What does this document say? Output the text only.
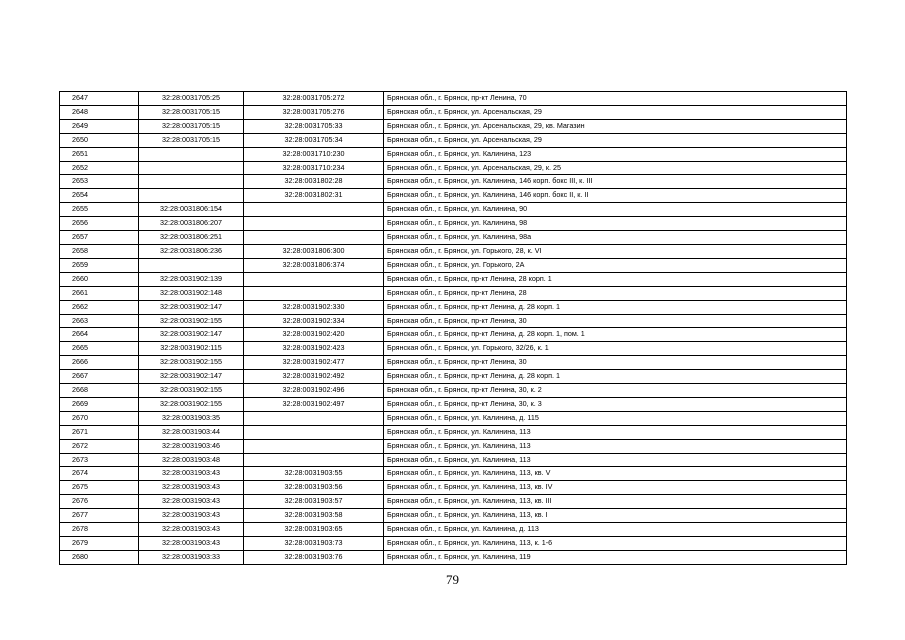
2647	32:28:0031705:25	32:28:0031705:272	Брянская обл., г. Брянск, пр-кт Ленина, 70
2648	32:28:0031705:15	32:28:0031705:276	Брянская обл., г. Брянск, ул. Арсенальская, 29
2649	32:28:0031705:15	32:28:0031705:33	Брянская обл., г. Брянск, ул. Арсенальская, 29, кв. Магазин
2650	32:28:0031705:15	32:28:0031705:34	Брянская обл., г. Брянск, ул. Арсенальская, 29
2651		32:28:0031710:230	Брянская обл., г. Брянск, ул. Калинина, 123
2652		32:28:0031710:234	Брянская обл., г. Брянск, ул. Арсенальская, 29, к. 25
2653		32:28:0031802:28	Брянская обл., г. Брянск, ул. Калинина, 146 корп. бокс III, к. III
2654		32:28:0031802:31	Брянская обл., г. Брянск, ул. Калинина, 146 корп. бокс II, к. II
2655	32:28:0031806:154		Брянская обл., г. Брянск, ул. Калинина, 90
2656	32:28:0031806:207		Брянская обл., г. Брянск, ул. Калинина, 98
2657	32:28:0031806:251		Брянская обл., г. Брянск, ул. Калинина, 98а
2658	32:28:0031806:236	32:28:0031806:300	Брянская обл., г. Брянск, ул. Горького, 28, к. VI
2659		32:28:0031806:374	Брянская обл., г. Брянск, ул. Горького, 2А
2660	32:28:0031902:139		Брянская обл., г. Брянск, пр-кт Ленина, 28 корп. 1
2661	32:28:0031902:148		Брянская обл., г. Брянск, пр-кт Ленина, 28
2662	32:28:0031902:147	32:28:0031902:330	Брянская обл., г. Брянск, пр-кт Ленина, д. 28 корп. 1
2663	32:28:0031902:155	32:28:0031902:334	Брянская обл., г. Брянск, пр-кт Ленина, 30
2664	32:28:0031902:147	32:28:0031902:420	Брянская обл., г. Брянск, пр-кт Ленина, д. 28 корп. 1, пом. 1
2665	32:28:0031902:115	32:28:0031902:423	Брянская обл., г. Брянск, ул. Горького, 32/26, к. 1
2666	32:28:0031902:155	32:28:0031902:477	Брянская обл., г. Брянск, пр-кт Ленина, 30
2667	32:28:0031902:147	32:28:0031902:492	Брянская обл., г. Брянск, пр-кт Ленина, д. 28 корп. 1
2668	32:28:0031902:155	32:28:0031902:496	Брянская обл., г. Брянск, пр-кт Ленина, 30, к. 2
2669	32:28:0031902:155	32:28:0031902:497	Брянская обл., г. Брянск, пр-кт Ленина, 30, к. 3
2670	32:28:0031903:35		Брянская обл., г. Брянск, ул. Калинина, д. 115
2671	32:28:0031903:44		Брянская обл., г. Брянск, ул. Калинина, 113
2672	32:28:0031903:46		Брянская обл., г. Брянск, ул. Калинина, 113
2673	32:28:0031903:48		Брянская обл., г. Брянск, ул. Калинина, 113
2674	32:28:0031903:43	32:28:0031903:55	Брянская обл., г. Брянск, ул. Калинина, 113, кв. V
2675	32:28:0031903:43	32:28:0031903:56	Брянская обл., г. Брянск, ул. Калинина, 113, кв. IV
2676	32:28:0031903:43	32:28:0031903:57	Брянская обл., г. Брянск, ул. Калинина, 113, кв. III
2677	32:28:0031903:43	32:28:0031903:58	Брянская обл., г. Брянск, ул. Калинина, 113, кв. I
2678	32:28:0031903:43	32:28:0031903:65	Брянская обл., г. Брянск, ул. Калинина, д. 113
2679	32:28:0031903:43	32:28:0031903:73	Брянская обл., г. Брянск, ул. Калинина, 113, к. 1-6
2680	32:28:0031903:33	32:28:0031903:76	Брянская обл., г. Брянск, ул. Калинина, 119
79
